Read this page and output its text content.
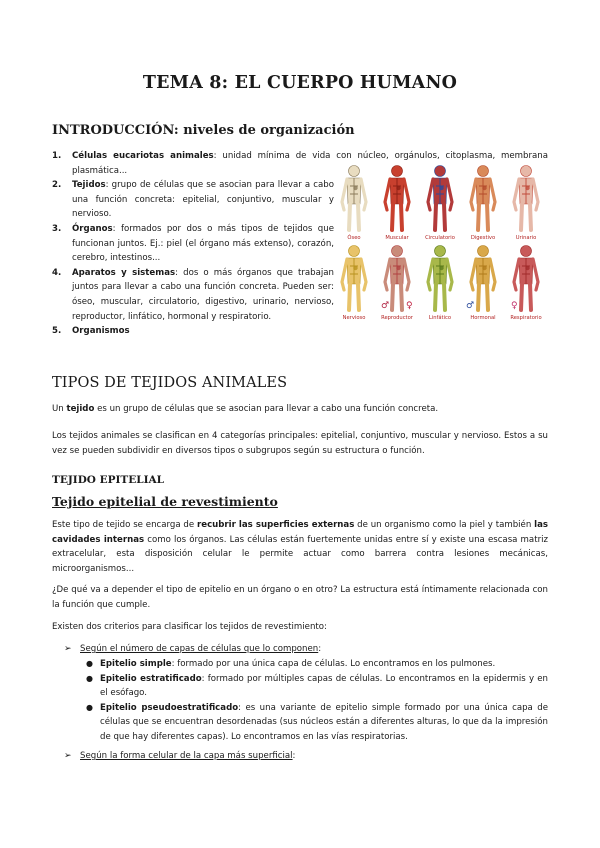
TEMA 8: EL CUERPO HUMANO
INTRODUCCIÓN: niveles de organización
1. Células eucariotas animales: unidad mínima de vida con núcleo, orgánulos, citoplasma, membrana plasmática...
2. Tejidos: grupo de células que se asocian para llevar a cabo una función concreta: epitelial, conjuntivo, muscular y nervioso.
3. Órganos: formados por dos o más tipos de tejidos que funcionan juntos. Ej.: piel (el órgano más extenso), corazón, cerebro, intestinos...
4. Aparatos y sistemas: dos o más órganos que trabajan juntos para llevar a cabo una función concreta. Pueden ser: óseo, muscular, circulatorio, digestivo, urinario, nervioso, reproductor, linfático, hormonal y respiratorio.
5. Organismos
Óseo	Muscular	Circulatorio	Digestivo	Urinario
Nervioso	Reproductor	Linfático	Hormonal	Respiratorio
♂	♀
♂ ♀
TIPOS DE TEJIDOS ANIMALES
Un tejido es un grupo de células que se asocian para llevar a cabo una función concreta.
Los tejidos animales se clasifican en 4 categorías principales: epitelial, conjuntivo, muscular y nervioso. Estos a su vez se pueden subdividir en diversos tipos o subgrupos según su estructura o función.
TEJIDO EPITELIAL
Tejido epitelial de revestimiento
Este tipo de tejido se encarga de recubrir las superficies externas de un organismo como la piel y también las cavidades internas como los órganos. Las células están fuertemente unidas entre sí y existe una escasa matriz extracelular, esta disposición celular le permite actuar como barrera contra lesiones mecánicas, microorganismos...
¿De qué va a depender el tipo de epitelio en un órgano o en otro? La estructura está íntimamente relacionada con la función que cumple.
Existen dos criterios para clasificar los tejidos de revestimiento:
➢ Según el número de capas de células que lo componen:
● Epitelio simple: formado por una única capa de células. Lo encontramos en los pulmones.
● Epitelio estratificado: formado por múltiples capas de células. Lo encontramos en la epidermis y en el esófago.
● Epitelio pseudoestratificado: es una variante de epitelio simple formado por una única capa de células que se encuentran desordenadas (sus núcleos están a diferentes alturas, lo que da la impresión de que hay diferentes capas). Lo encontramos en las vías respiratorias.
➢ Según la forma celular de la capa más superficial:
